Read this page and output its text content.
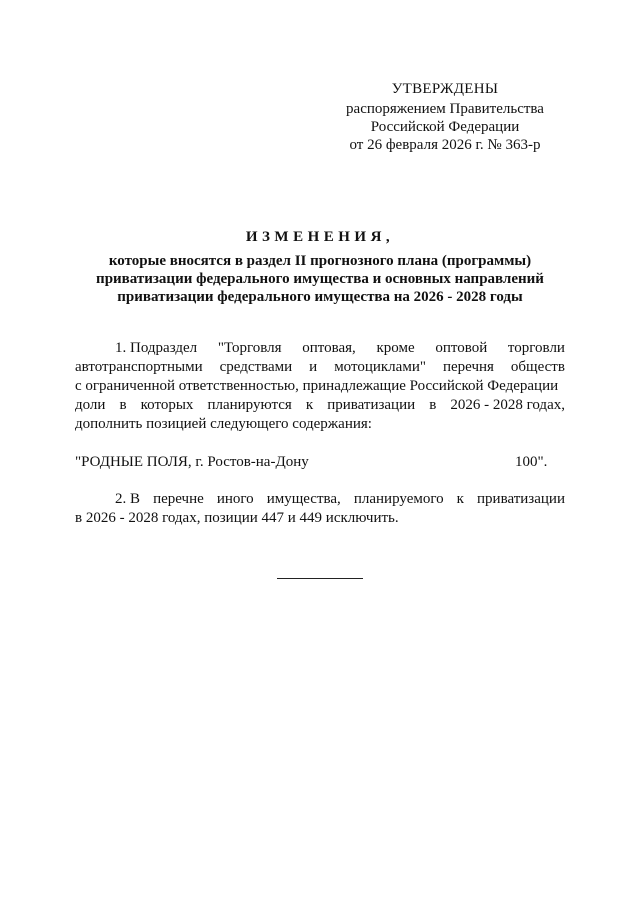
УТВЕРЖДЕНЫ
распоряжением Правительства
Российской Федерации
от 26 февраля 2026 г. № 363-р
ИЗМЕНЕНИЯ,
которые вносятся в раздел II прогнозного плана (программы)
приватизации федерального имущества и основных направлений
приватизации федерального имущества на 2026 - 2028 годы
1. Подраздел "Торговля оптовая, кроме оптовой торговли
автотранспортными средствами и мотоциклами" перечня обществ
с ограниченной ответственностью, принадлежащие Российской Федерации
доли в которых планируются к приватизации в 2026 - 2028 годах,
дополнить позицией следующего содержания:
"РОДНЫЕ ПОЛЯ, г. Ростов-на-Дону	100".
2. В перечне иного имущества, планируемого к приватизации
в 2026 - 2028 годах, позиции 447 и 449 исключить.
